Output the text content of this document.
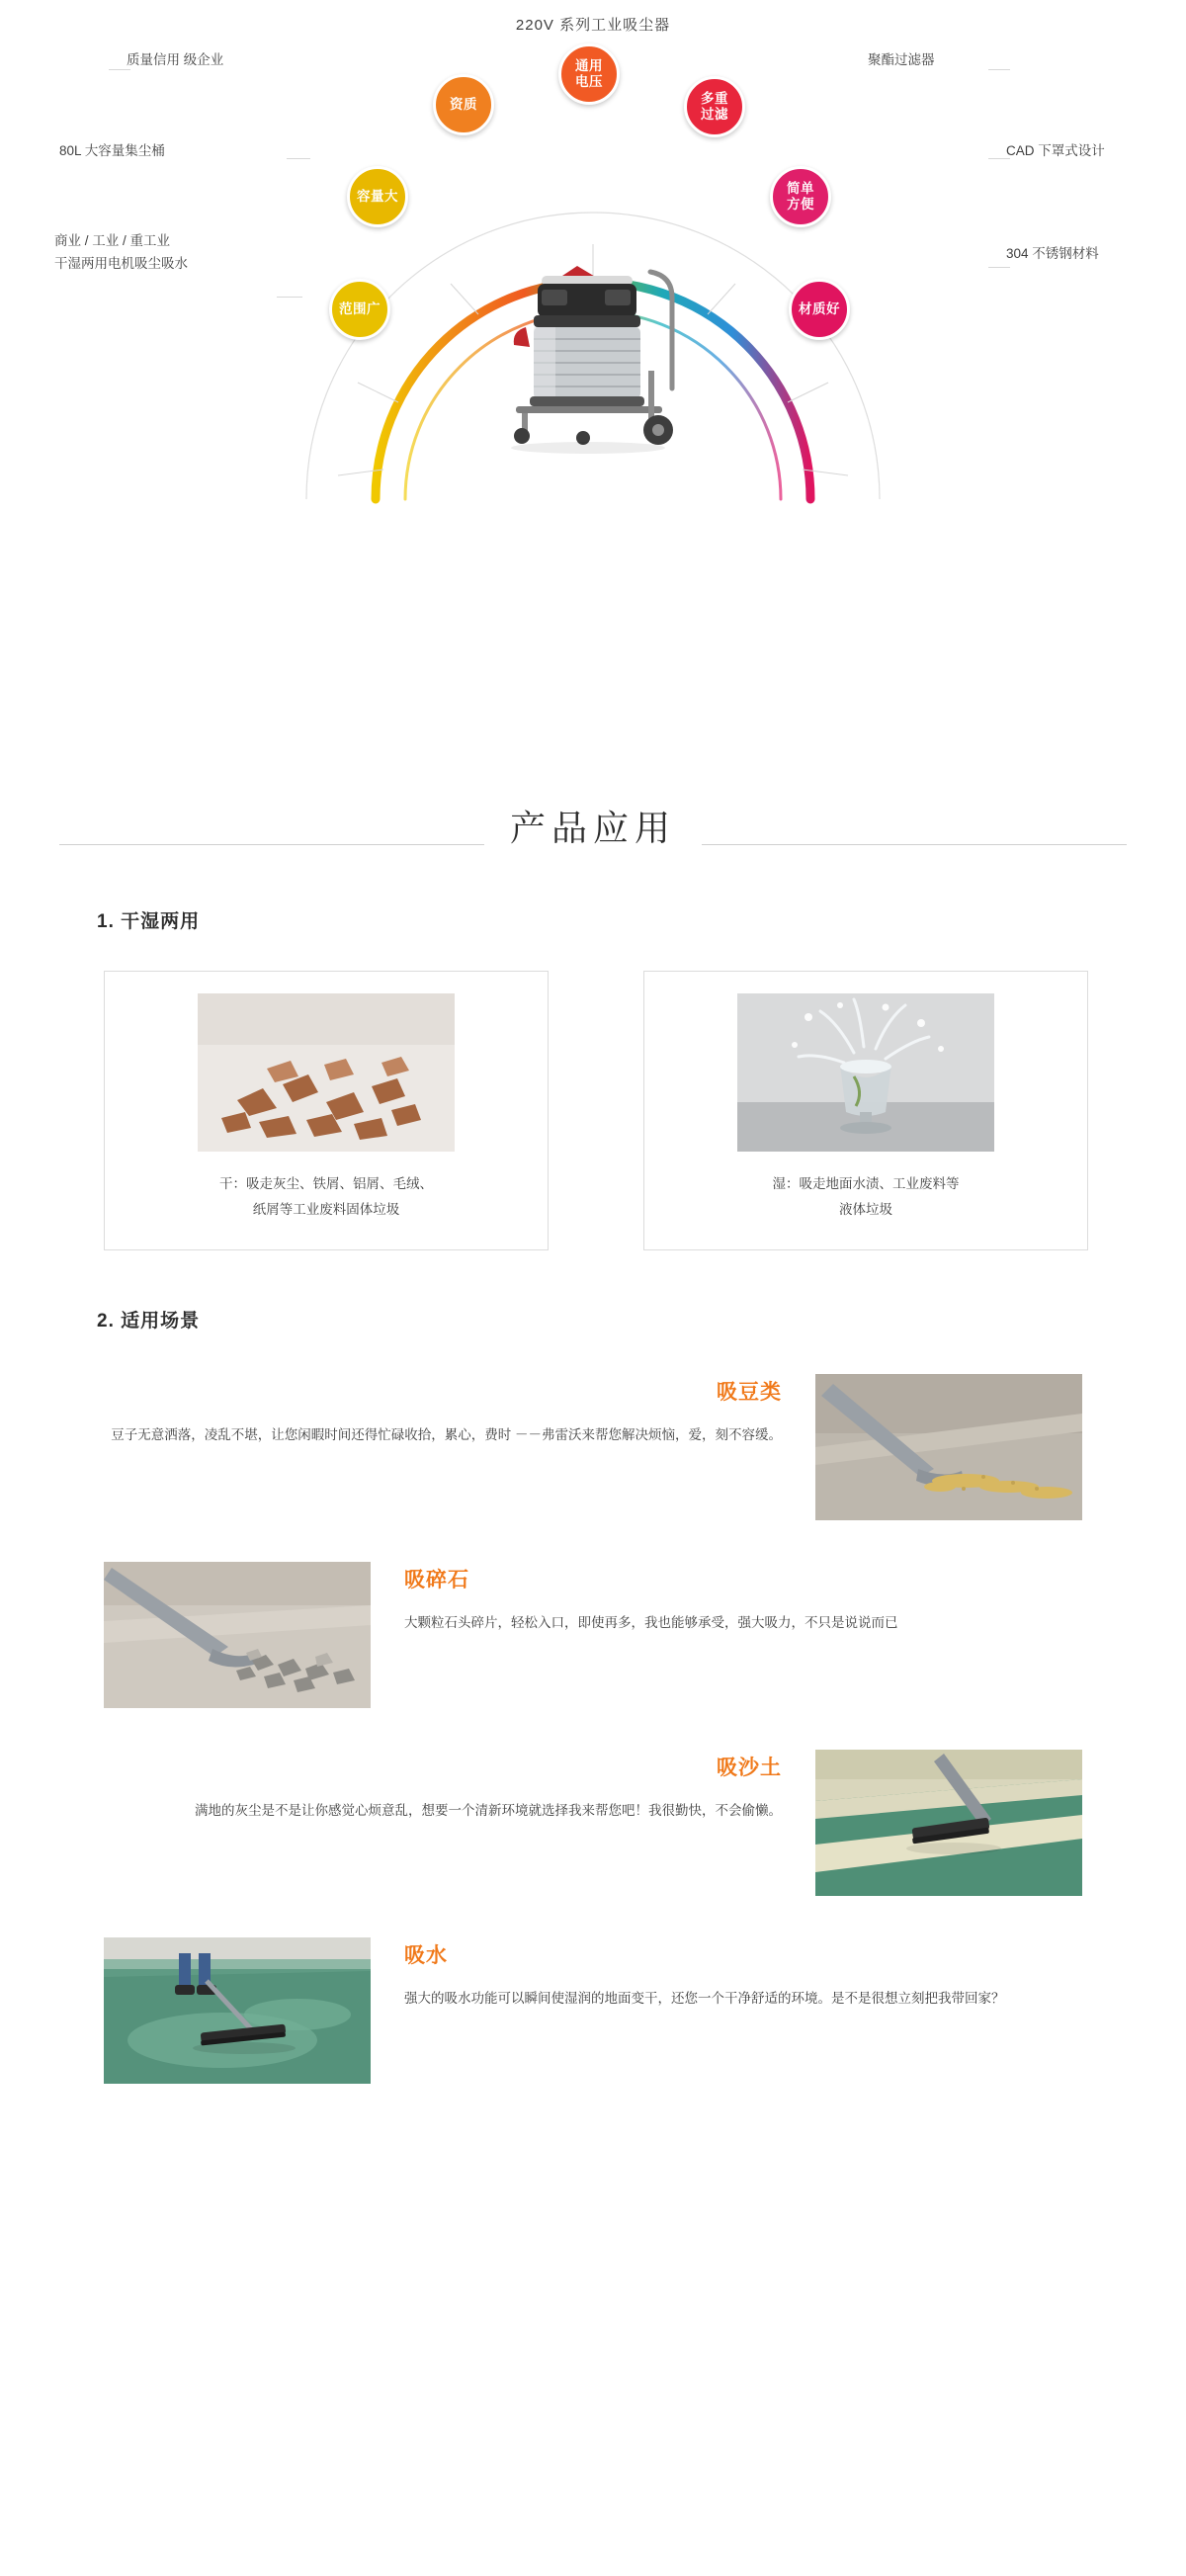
220V 系列工业吸尘器
通用
电压
资质	多重
过滤
容量大
简单
方便
范围广	材质好
质量信用 级企业	聚酯过滤器
80L 大容量集尘桶	CAD 下罩式设计
商业 / 工业 / 重工业
干湿两用电机吸尘吸水
304 不锈钢材料
产品应用
1. 干湿两用
干：吸走灰尘、铁屑、铝屑、毛绒、
纸屑等工业废料固体垃圾
湿：吸走地面水渍、工业废料等
液体垃圾
2. 适用场景
吸豆类

豆子无意洒落，凌乱不堪，让您闲暇时间还得忙碌收拾，累心，费时 －－弗雷沃来帮您解决烦恼，爱，刻不容缓。

吸碎石

大颗粒石头碎片，轻松入口，即使再多，我也能够承受，强大吸力，不只是说说而已

吸沙土

满地的灰尘是不是让你感觉心烦意乱，想要一个清新环境就选择我来帮您吧！我很勤快，不会偷懒。

吸水

强大的吸水功能可以瞬间使湿润的地面变干，还您一个干净舒适的环境。是不是很想立刻把我带回家？
